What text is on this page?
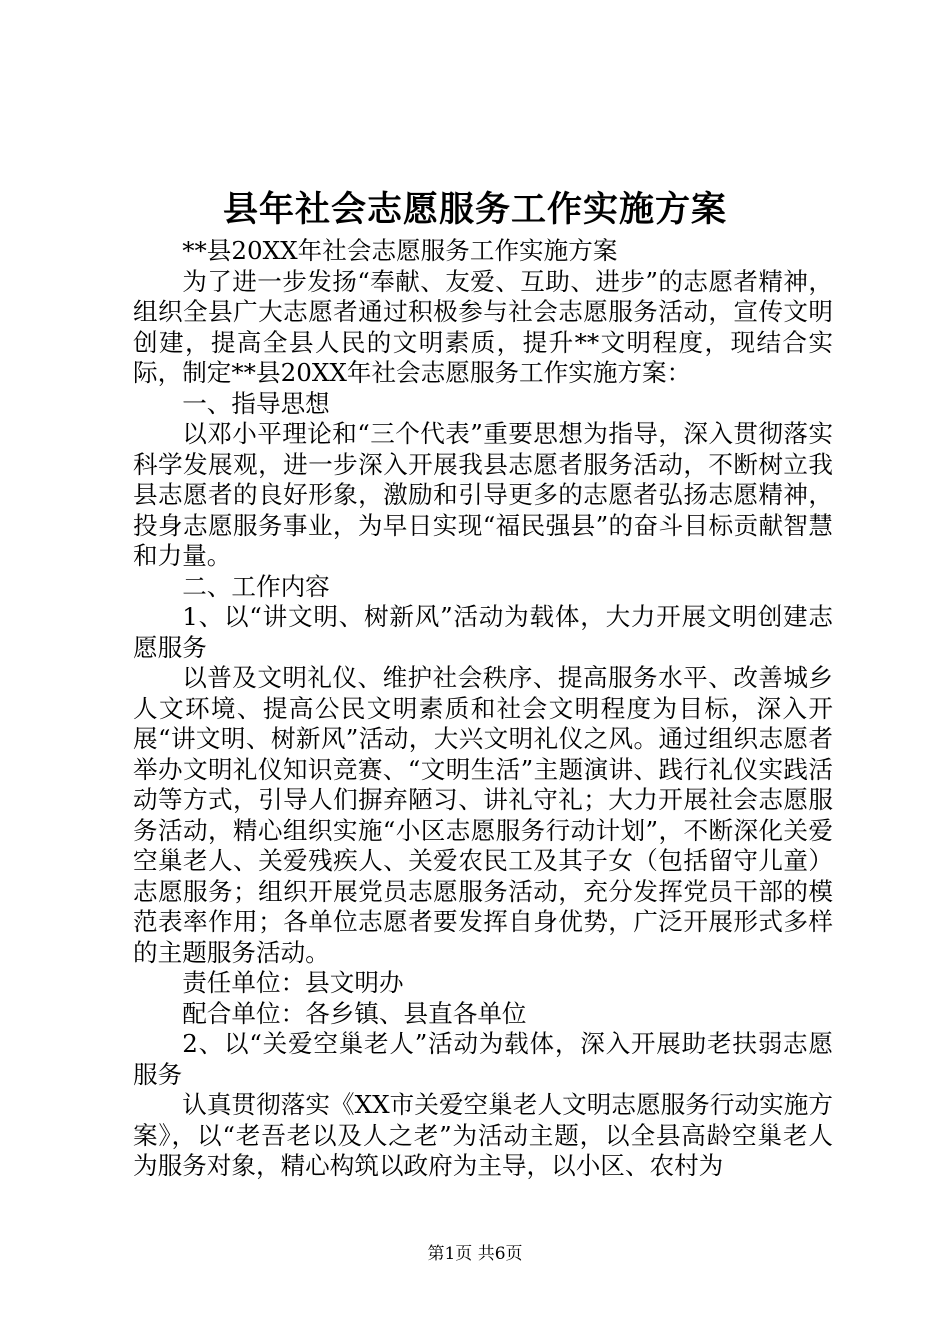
县年社会志愿服务工作实施方案

**县20XX年社会志愿服务工作实施方案

为了进一步发扬“奉献、友爱、互助、进步”的志愿者精神，组织全县广大志愿者通过积极参与社会志愿服务活动，宣传文明创建，提高全县人民的文明素质，提升**文明程度，现结合实际，制定**县20XX年社会志愿服务工作实施方案：

一、指导思想

以邓小平理论和“三个代表”重要思想为指导，深入贯彻落实科学发展观，进一步深入开展我县志愿者服务活动，不断树立我县志愿者的良好形象，激励和引导更多的志愿者弘扬志愿精神，投身志愿服务事业，为早日实现“福民强县”的奋斗目标贡献智慧和力量。

二、工作内容

1、以“讲文明、树新风”活动为载体，大力开展文明创建志愿服务

以普及文明礼仪、维护社会秩序、提高服务水平、改善城乡人文环境、提高公民文明素质和社会文明程度为目标，深入开展“讲文明、树新风”活动，大兴文明礼仪之风。通过组织志愿者举办文明礼仪知识竞赛、“文明生活”主题演讲、践行礼仪实践活动等方式，引导人们摒弃陋习、讲礼守礼；大力开展社会志愿服务活动，精心组织实施“小区志愿服务行动计划”，不断深化关爱空巢老人、关爱残疾人、关爱农民工及其子女（包括留守儿童）志愿服务；组织开展党员志愿服务活动，充分发挥党员干部的模范表率作用；各单位志愿者要发挥自身优势，广泛开展形式多样的主题服务活动。

责任单位：县文明办

配合单位：各乡镇、县直各单位

2、以“关爱空巢老人”活动为载体，深入开展助老扶弱志愿服务

认真贯彻落实《XX市关爱空巢老人文明志愿服务行动实施方案》，以“老吾老以及人之老”为活动主题，以全县高龄空巢老人为服务对象，精心构筑以政府为主导，以小区、农村为

第1页 共6页
